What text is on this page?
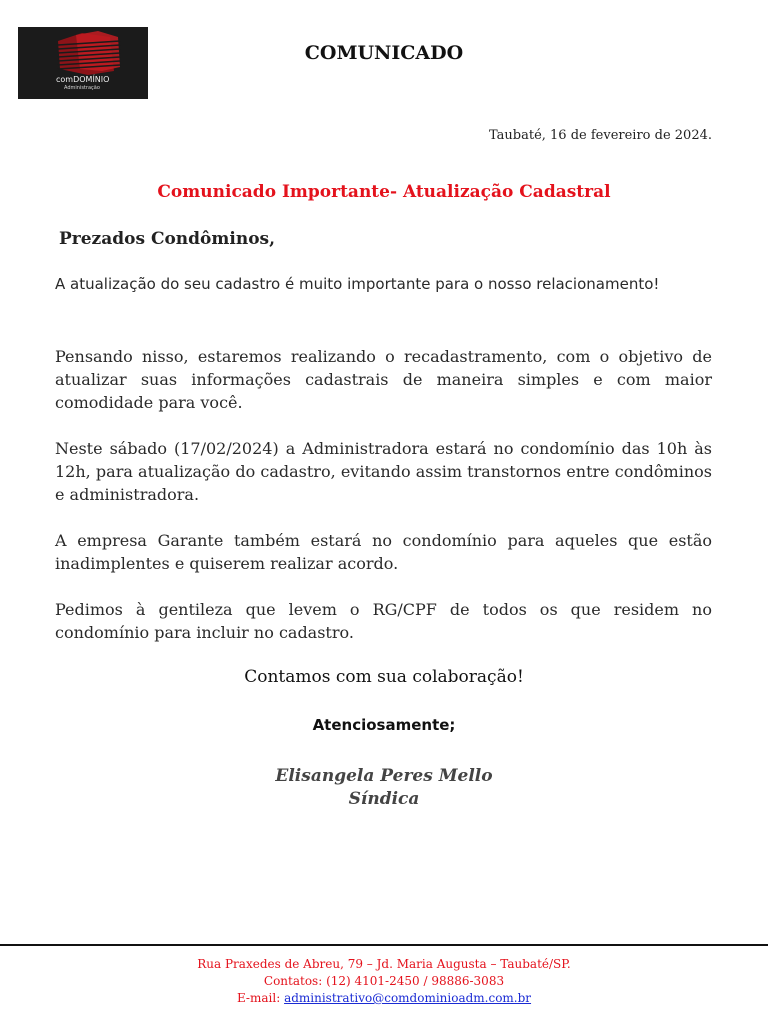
comDOMÍNIO
Administração
COMUNICADO
Taubaté, 16 de fevereiro de 2024.
Comunicado Importante- Atualização Cadastral
Prezados Condôminos,
A atualização do seu cadastro é muito importante para o nosso relacionamento!
Pensando nisso, estaremos realizando o recadastramento, com o objetivo de atualizar suas informações cadastrais de maneira simples e com maior comodidade para você.
Neste sábado (17/02/2024) a Administradora estará no condomínio das 10h às 12h, para atualização do cadastro, evitando assim transtornos entre condôminos e administradora.
A empresa Garante também estará no condomínio para aqueles que estão inadimplentes e quiserem realizar acordo.
Pedimos à gentileza que levem o RG/CPF de todos os que residem no condomínio para incluir no cadastro.
Contamos com sua colaboração!
Atenciosamente;
Elisangela Peres Mello
Síndica
Rua Praxedes de Abreu, 79 – Jd. Maria Augusta – Taubaté/SP.
Contatos: (12) 4101-2450 / 98886-3083
E-mail: administrativo@comdominioadm.com.br
